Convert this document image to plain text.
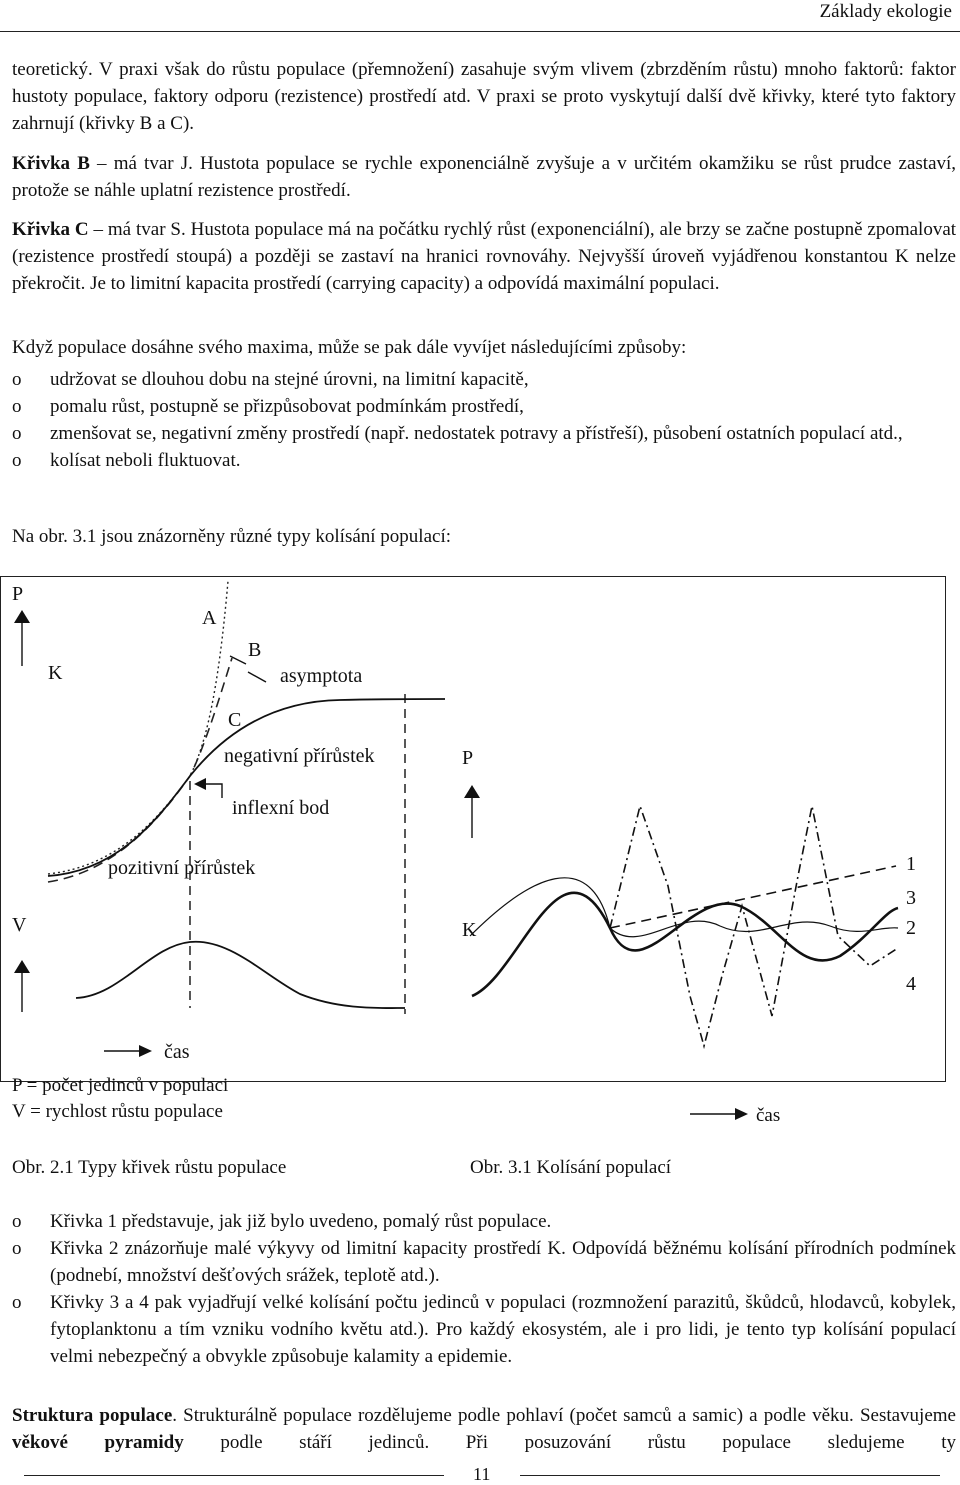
Základy ekologie

teoretický. V praxi však do růstu populace (přemnožení) zasahuje svým vlivem (zbrzděním růstu) mnoho faktorů: faktor hustoty populace, faktory odporu (rezistence) prostředí atd. V praxi se proto vyskytují další dvě křivky, které tyto faktory zahrnují (křivky B a C).

Křivka B – má tvar J. Hustota populace se rychle exponenciálně zvyšuje a v určitém okamžiku se růst prudce zastaví, protože se náhle uplatní rezistence prostředí.

Křivka C – má tvar S. Hustota populace má na počátku rychlý růst (exponenciální), ale brzy se začne postupně zpomalovat (rezistence prostředí stoupá) a později se zastaví na hranici rovnováhy. Nejvyšší úroveň vyjádřenou konstantou K nelze překročit. Je to limitní kapacita prostředí (carrying capacity) a odpovídá maximální populaci.

Když populace dosáhne svého maxima, může se pak dále vyvíjet následujícími způsoby:

o udržovat se dlouhou dobu na stejné úrovni, na limitní kapacitě,
o pomalu růst, postupně se přizpůsobovat podmínkám prostředí,
o zmenšovat se, negativní změny prostředí (např. nedostatek potravy a přístřeší), působení ostatních populací atd.,
o kolísat neboli fluktuovat.

Na obr. 3.1 jsou znázorněny různé typy kolísání populací:

P
K
A
B
asymptota
C
negativní přírůstek
inflexní bod
pozitivní přírůstek
V
čas
P
K
1
3
2
4
čas
P = počet jedinců v populaci
V = rychlost růstu populace
Obr. 2.1 Typy křivek růstu populace	Obr. 3.1 Kolísání populací
o Křivka 1 představuje, jak již bylo uvedeno, pomalý růst populace.
o Křivka 2 znázorňuje malé výkyvy od limitní kapacity prostředí K. Odpovídá běžnému kolísání přírodních podmínek (podnebí, množství dešťových srážek, teplotě atd.).
o Křivky 3 a 4 pak vyjadřují velké kolísání počtu jedinců v populaci (rozmnožení parazitů, škůdců, hlodavců, kobylek, fytoplanktonu a tím vzniku vodního květu atd.). Pro každý ekosystém, ale i pro lidi, je tento typ kolísání populací velmi nebezpečný a obvykle způsobuje kalamity a epidemie.

Struktura populace. Strukturálně populace rozdělujeme podle pohlaví (počet samců a samic) a podle věku. Sestavujeme věkové pyramidy podle stáří jedinců. Při posuzování růstu populace sledujeme ty

11
